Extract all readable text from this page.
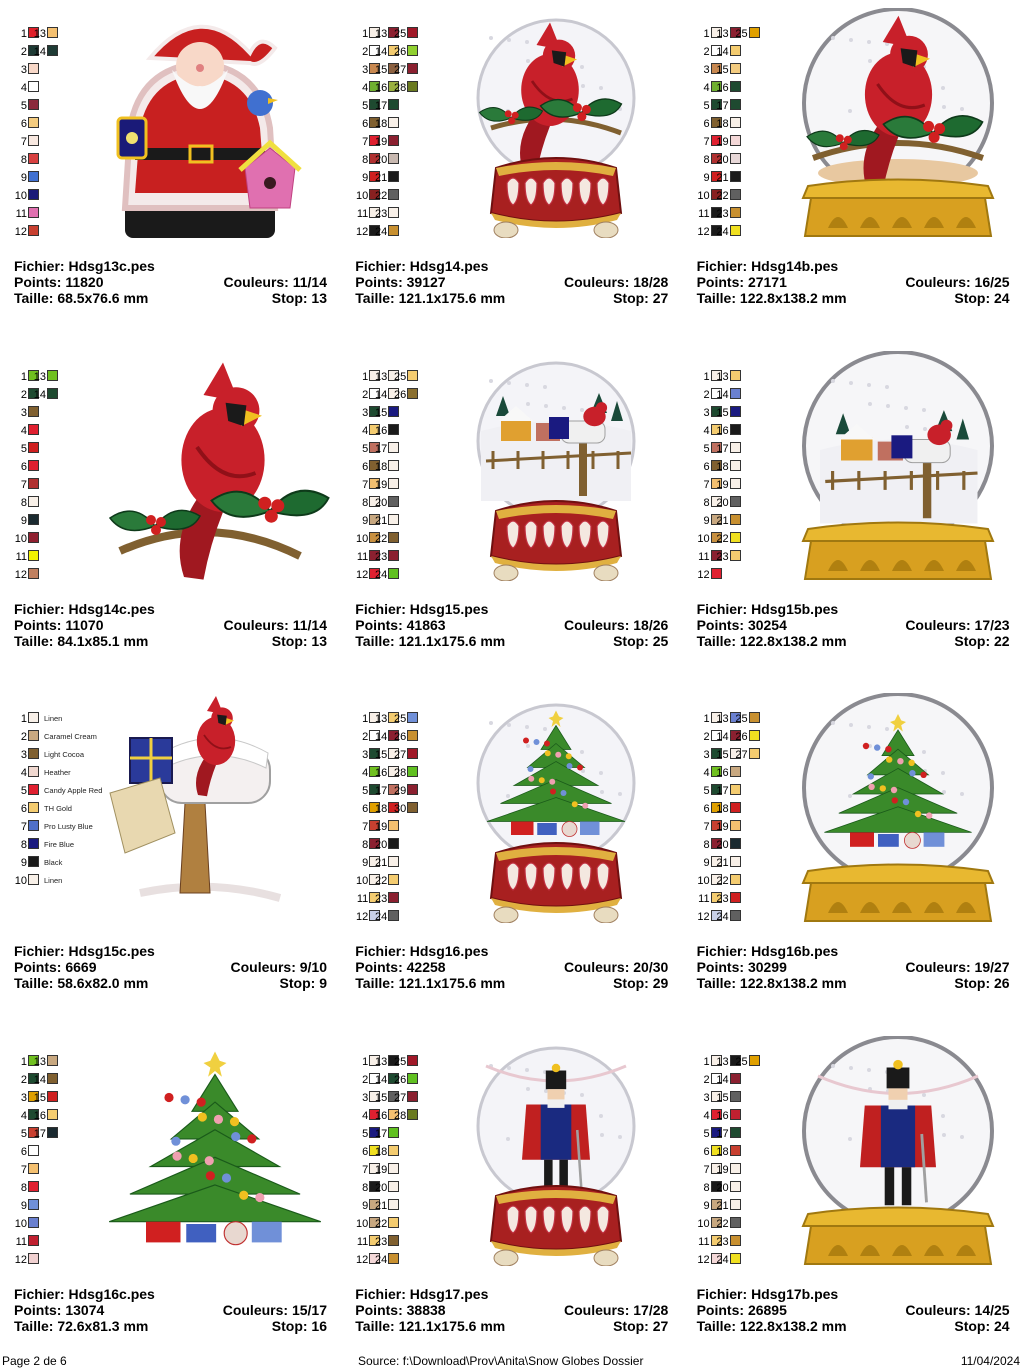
1
2
3
4
5
6
7
8
9
10
11
12
13
14
Fichier: Hdsg13c.pes
Points: 11820	Couleurs: 11/14
Taille: 68.5x76.6 mm	Stop: 13
1
2
3
4
5
6
7
8
9
10
11
12
13
14
15
16
17
18
19
20
21
22
23
24
25
26
27
28
Fichier: Hdsg14.pes
Points: 39127	Couleurs: 18/28
Taille: 121.1x175.6 mm	Stop: 27
1
2
3
4
5
6
7
8
9
10
11
12
13
14
15
16
17
18
19
20
21
22
23
24
25
Fichier: Hdsg14b.pes
Points: 27171	Couleurs: 16/25
Taille: 122.8x138.2 mm	Stop: 24
1
2
3
4
5
6
7
8
9
10
11
12
13
14
Fichier: Hdsg14c.pes
Points: 11070	Couleurs: 11/14
Taille: 84.1x85.1 mm	Stop: 13
1
2
3
4
5
6
7
8
9
10
11
12
13
14
15
16
17
18
19
20
21
22
23
24
25
26
Fichier: Hdsg15.pes
Points: 41863	Couleurs: 18/26
Taille: 121.1x175.6 mm	Stop: 25
1
2
3
4
5
6
7
8
9
10
11
12
13
14
15
16
17
18
19
20
21
22
23
Fichier: Hdsg15b.pes
Points: 30254	Couleurs: 17/23
Taille: 122.8x138.2 mm	Stop: 22
1 Linen
2 Caramel Cream
3 Light Cocoa
4 Heather
5 Candy Apple Red
6 TH Gold
7 Pro Lusty Blue
8 Fire Blue
9 Black
10 Linen
Fichier: Hdsg15c.pes
Points: 6669	Couleurs: 9/10
Taille: 58.6x82.0 mm	Stop: 9
1
2
3
4
5
6
7
8
9
10
11
12
13
14
15
16
17
18
19
20
21
22
23
24
25
26
27
28
29
30
Fichier: Hdsg16.pes
Points: 42258	Couleurs: 20/30
Taille: 121.1x175.6 mm	Stop: 29
1
2
3
4
5
6
7
8
9
10
11
12
13
14
15
16
17
18
19
20
21
22
23
24
25
26
27
Fichier: Hdsg16b.pes
Points: 30299	Couleurs: 19/27
Taille: 122.8x138.2 mm	Stop: 26
1
2
3
4
5
6
7
8
9
10
11
12
13
14
15
16
17
Fichier: Hdsg16c.pes
Points: 13074	Couleurs: 15/17
Taille: 72.6x81.3 mm	Stop: 16
1
2
3
4
5
6
7
8
9
10
11
12
13
14
15
16
17
18
19
20
21
22
23
24
25
26
27
28
Fichier: Hdsg17.pes
Points: 38838	Couleurs: 17/28
Taille: 121.1x175.6 mm	Stop: 27
1
2
3
4
5
6
7
8
9
10
11
12
13
14
15
16
17
18
19
20
21
22
23
24
25
Fichier: Hdsg17b.pes
Points: 26895	Couleurs: 14/25
Taille: 122.8x138.2 mm	Stop: 24
Page 2 de 6	Source: f:\Download\Prov\Anita\Snow Globes Dossier	11/04/2024
